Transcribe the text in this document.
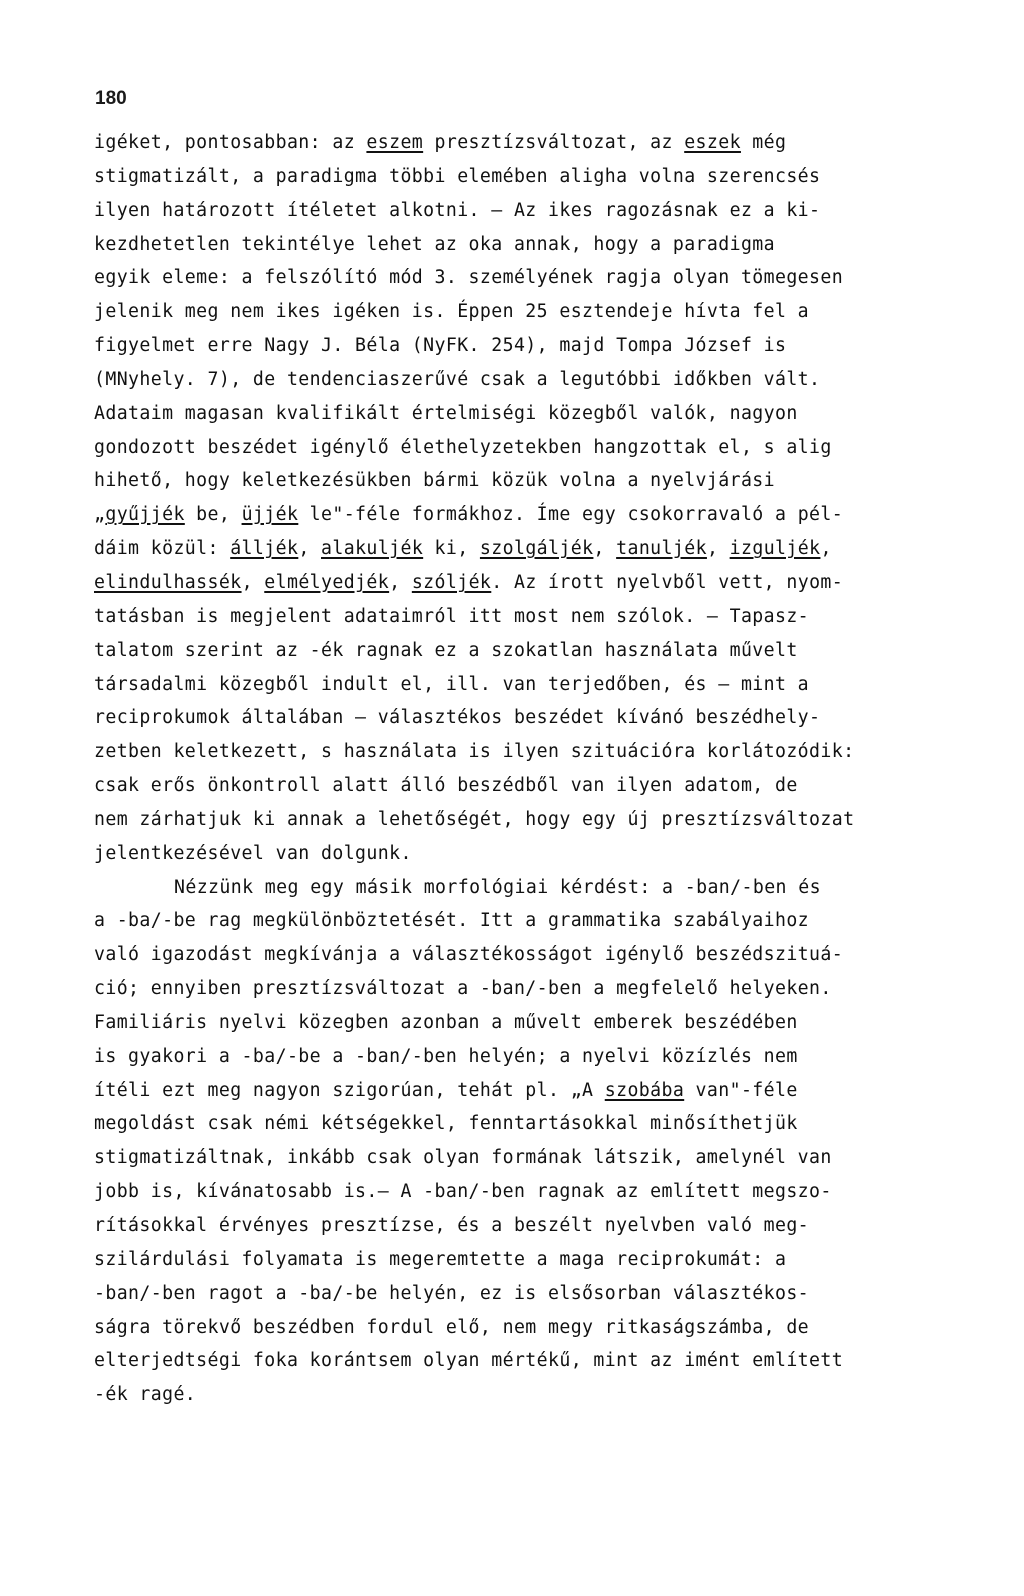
180
igéket, pontosabban: az eszem presztízsváltozat, az eszek még
stigmatizált, a paradigma többi elemében aligha volna szerencsés
ilyen határozott ítéletet alkotni. — Az ikes ragozásnak ez a ki-
kezdhetetlen tekintélye lehet az oka annak, hogy a paradigma
egyik eleme: a felszólító mód 3. személyének ragja olyan tömegesen
jelenik meg nem ikes igéken is. Éppen 25 esztendeje hívta fel a
figyelmet erre Nagy J. Béla (NyFK. 254), majd Tompa József is
(MNyhely. 7), de tendenciaszerűvé csak a legutóbbi időkben vált.
Adataim magasan kvalifikált értelmiségi közegből valók, nagyon
gondozott beszédet igénylő élethelyzetekben hangzottak el, s alig
hihető, hogy keletkezésükben bármi közük volna a nyelvjárási
„gyűjjék be, üjjék le"-féle formákhoz. Íme egy csokorravaló a pél-
dáim közül: álljék, alakuljék ki, szolgáljék, tanuljék, izguljék,
elindulhassék, elmélyedjék, szóljék. Az írott nyelvből vett, nyom-
tatásban is megjelent adataimról itt most nem szólok. — Tapasz-
talatom szerint az -ék ragnak ez a szokatlan használata művelt
társadalmi közegből indult el, ill. van terjedőben, és — mint a
reciprokumok általában — választékos beszédet kívánó beszédhely-
zetben keletkezett, s használata is ilyen szituációra korlátozódik:
csak erős önkontroll alatt álló beszédből van ilyen adatom, de
nem zárhatjuk ki annak a lehetőségét, hogy egy új presztízsváltozat
jelentkezésével van dolgunk.
Nézzünk meg egy másik morfológiai kérdést: a -ban/-ben és
a -ba/-be rag megkülönböztetését. Itt a grammatika szabályaihoz
való igazodást megkívánja a választékosságot igénylő beszédszituá-
ció; ennyiben presztízsváltozat a -ban/-ben a megfelelő helyeken.
Familiáris nyelvi közegben azonban a művelt emberek beszédében
is gyakori a -ba/-be a -ban/-ben helyén; a nyelvi közízlés nem
ítéli ezt meg nagyon szigorúan, tehát pl. „A szobába van"-féle
megoldást csak némi kétségekkel, fenntartásokkal minősíthetjük
stigmatizáltnak, inkább csak olyan formának látszik, amelynél van
jobb is, kívánatosabb is.— A -ban/-ben ragnak az említett megszo-
rításokkal érvényes presztízse, és a beszélt nyelvben való meg-
szilárdulási folyamata is megeremtette a maga reciprokumát: a
-ban/-ben ragot a -ba/-be helyén, ez is elsősorban választékos-
ságra törekvő beszédben fordul elő, nem megy ritkaságszámba, de
elterjedtségi foka korántsem olyan mértékű, mint az imént említett
-ék ragé.
